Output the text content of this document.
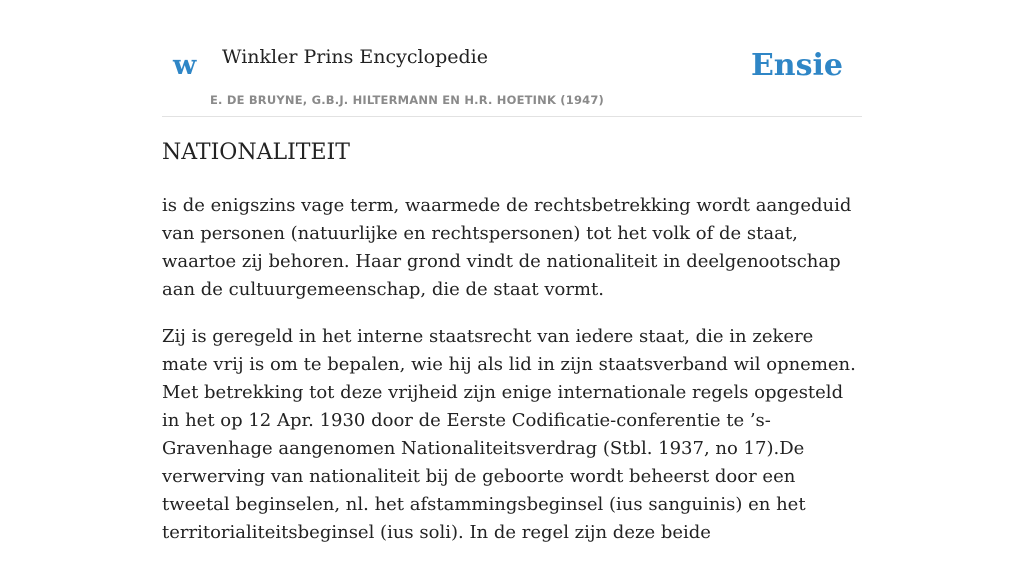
w Winkler Prins Encyclopedie
E. DE BRUYNE, G.B.J. HILTERMANN EN H.R. HOETINK (1947)
Ensie
NATIONALITEIT

is de enigszins vage term, waarmede de rechtsbetrekking wordt aangeduid van personen (natuurlijke en rechtspersonen) tot het volk of de staat, waartoe zij behoren. Haar grond vindt de nationaliteit in deelgenootschap aan de cultuurgemeenschap, die de staat vormt.

Zij is geregeld in het interne staatsrecht van iedere staat, die in zekere mate vrij is om te bepalen, wie hij als lid in zijn staatsverband wil opnemen. Met betrekking tot deze vrijheid zijn enige internationale regels opgesteld in het op 12 Apr. 1930 door de Eerste Codificatie-conferentie te ’s-Gravenhage aangenomen Nationaliteitsverdrag (Stbl. 1937, no 17).De verwerving van nationaliteit bij de geboorte wordt beheerst door een tweetal beginselen, nl. het afstammingsbeginsel (ius sanguinis) en het territorialiteitsbeginsel (ius soli). In de regel zijn deze beide
